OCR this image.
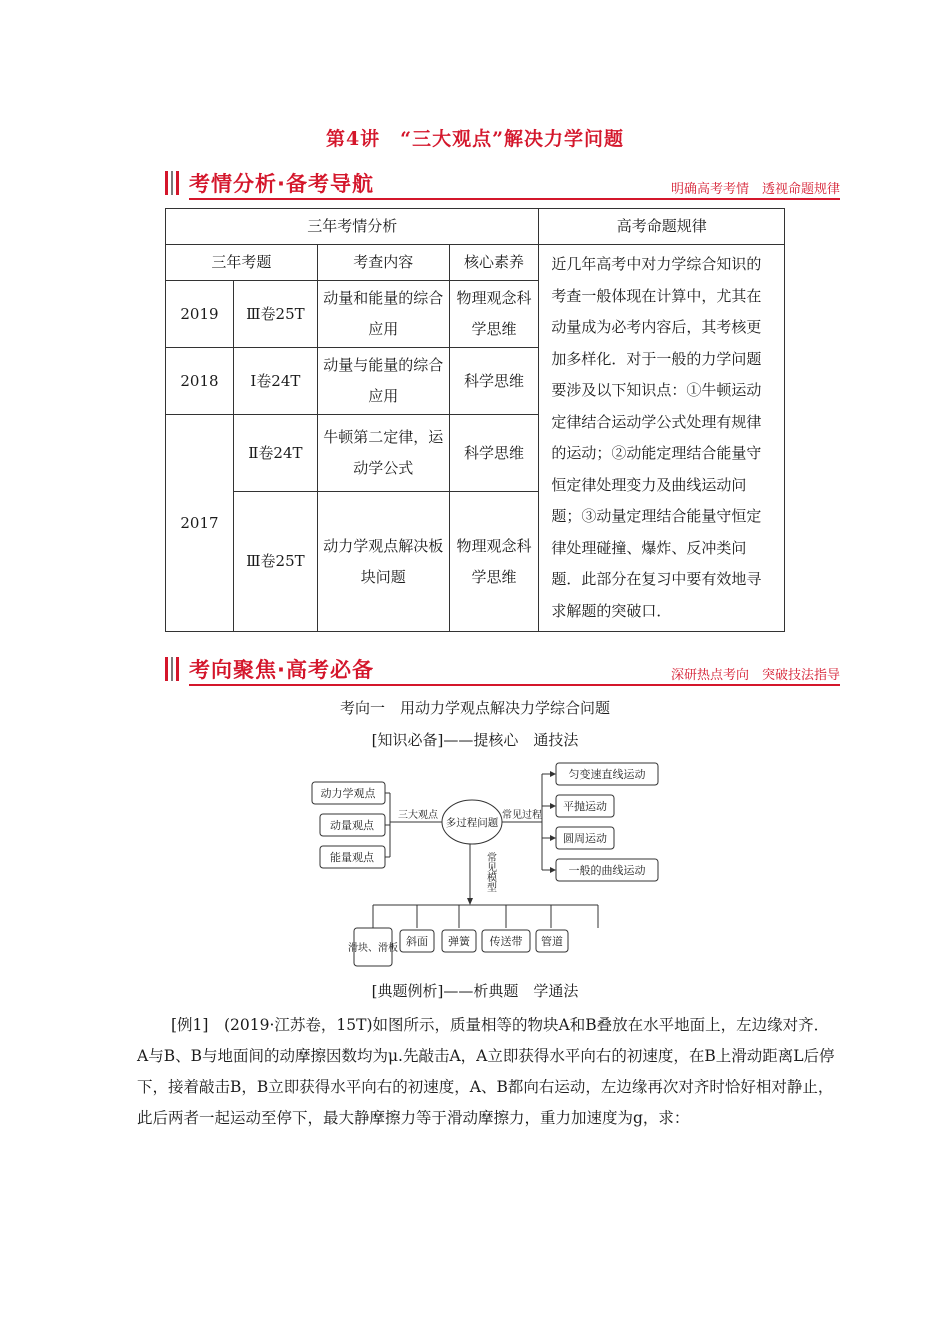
第4讲　“三大观点”解决力学问题
考情分析·备考导航	明确高考考情　透视命题规律
三年考情分析				高考命题规律
三年考题		考查内容	核心素养	近几年高考中对力学综合知识的考查一般体现在计算中，尤其在动量成为必考内容后，其考核更加多样化．对于一般的力学问题要涉及以下知识点：①牛顿运动定律结合运动学公式处理有规律的运动；②动能定理结合能量守恒定律处理变力及曲线运动问题；③动量定理结合能量守恒定律处理碰撞、爆炸、反冲类问题．此部分在复习中要有效地寻求解题的突破口．
2019	Ⅲ卷25T	动量和能量的综合应用	物理观念科学思维	
2018	Ⅰ卷24T	动量与能量的综合应用	科学思维	
2017	Ⅱ卷24T	牛顿第二定律，运动学公式	科学思维	
	Ⅲ卷25T	动力学观点解决板块问题	物理观念科学思维	
考向聚焦·高考必备	深研热点考向　突破技法指导
考向一　用动力学观点解决力学综合问题
[知识必备]——提核心　通技法
动力学观点
动量观点
能量观点
三大观点	常见过程
多过程问题
匀变速直线运动
平抛运动
圆周运动
一般的曲线运动
常见模型
滑块、滑板
斜面 弹簧 传送带 管道
[典题例析]——析典题　学通法
[例1]　 (2019·江苏卷，15T)如图所示，质量相等的物块A和B叠放在水平地面上，左边缘对齐．A与B、B与地面间的动摩擦因数均为μ.先敲击A，A立即获得水平向右的初速度，在B上滑动距离L后停下，接着敲击B，B立即获得水平向右的初速度，A、B都向右运动，左边缘再次对齐时恰好相对静止，此后两者一起运动至停下，最大静摩擦力等于滑动摩擦力，重力加速度为g，求：
